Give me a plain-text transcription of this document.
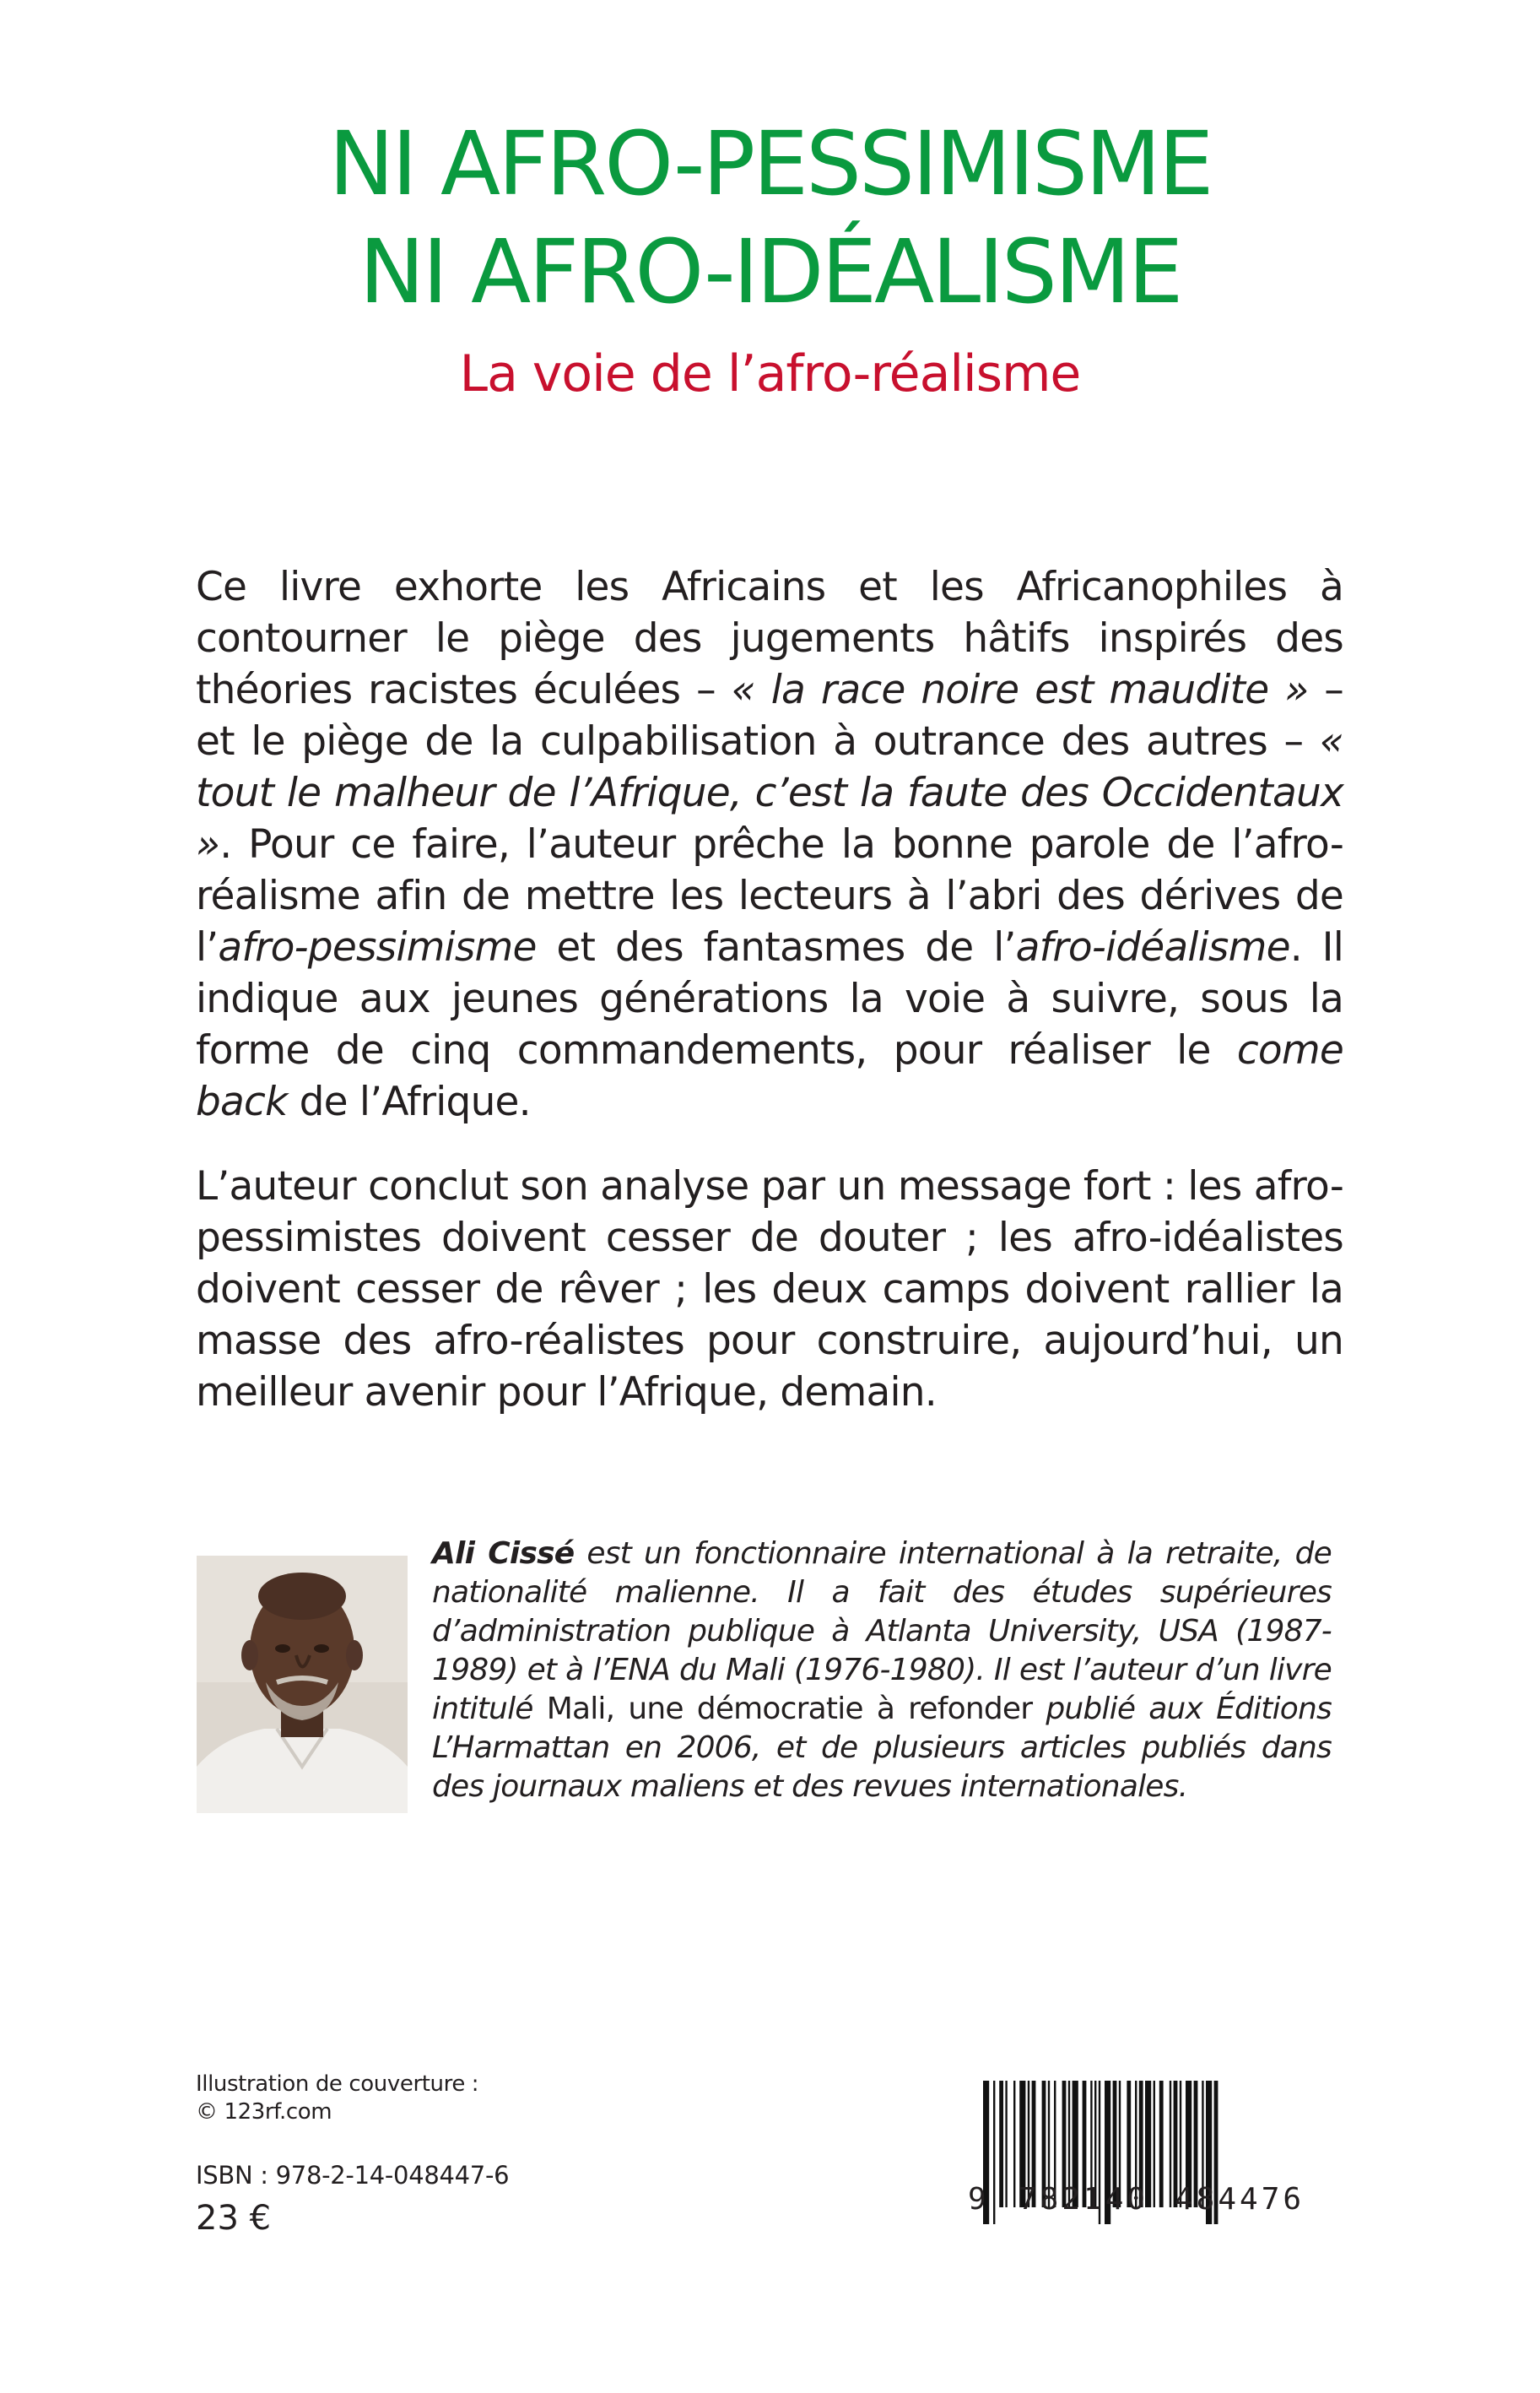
NI AFRO-PESSIMISME
NI AFRO-IDÉALISME
La voie de l’afro-réalisme

Ce livre exhorte les Africains et les Africanophiles à contourner le piège des jugements hâtifs inspirés des théories racistes éculées – « la race noire est maudite » – et le piège de la culpabilisation à outrance des autres – « tout le malheur de l’Afrique, c’est la faute des Occidentaux ». Pour ce faire, l’auteur prêche la bonne parole de l’afro-réalisme afin de mettre les lecteurs à l’abri des dérives de l’afro-pessimisme et des fantasmes de l’afro-idéalisme. Il indique aux jeunes générations la voie à suivre, sous la forme de cinq commandements, pour réaliser le come back de l’Afrique.

L’auteur conclut son analyse par un message fort : les afro-pessimistes doivent cesser de douter ; les afro-idéalistes doivent cesser de rêver ; les deux camps doivent rallier la masse des afro-réalistes pour construire, aujourd’hui, un meilleur avenir pour l’Afrique, demain.

Ali Cissé est un fonctionnaire international à la retraite, de nationalité malienne. Il a fait des études supérieures d’administration publique à Atlanta University, USA (1987-1989) et à l’ENA du Mali (1976-1980). Il est l’auteur d’un livre intitulé Mali, une démocratie à refonder publié aux Éditions L’Harmattan en 2006, et de plusieurs articles publiés dans des journaux maliens et des revues internationales.
Illustration de couverture :
© 123rf.com
ISBN : 978-2-14-048447-6
23 €	9 782140 484476
